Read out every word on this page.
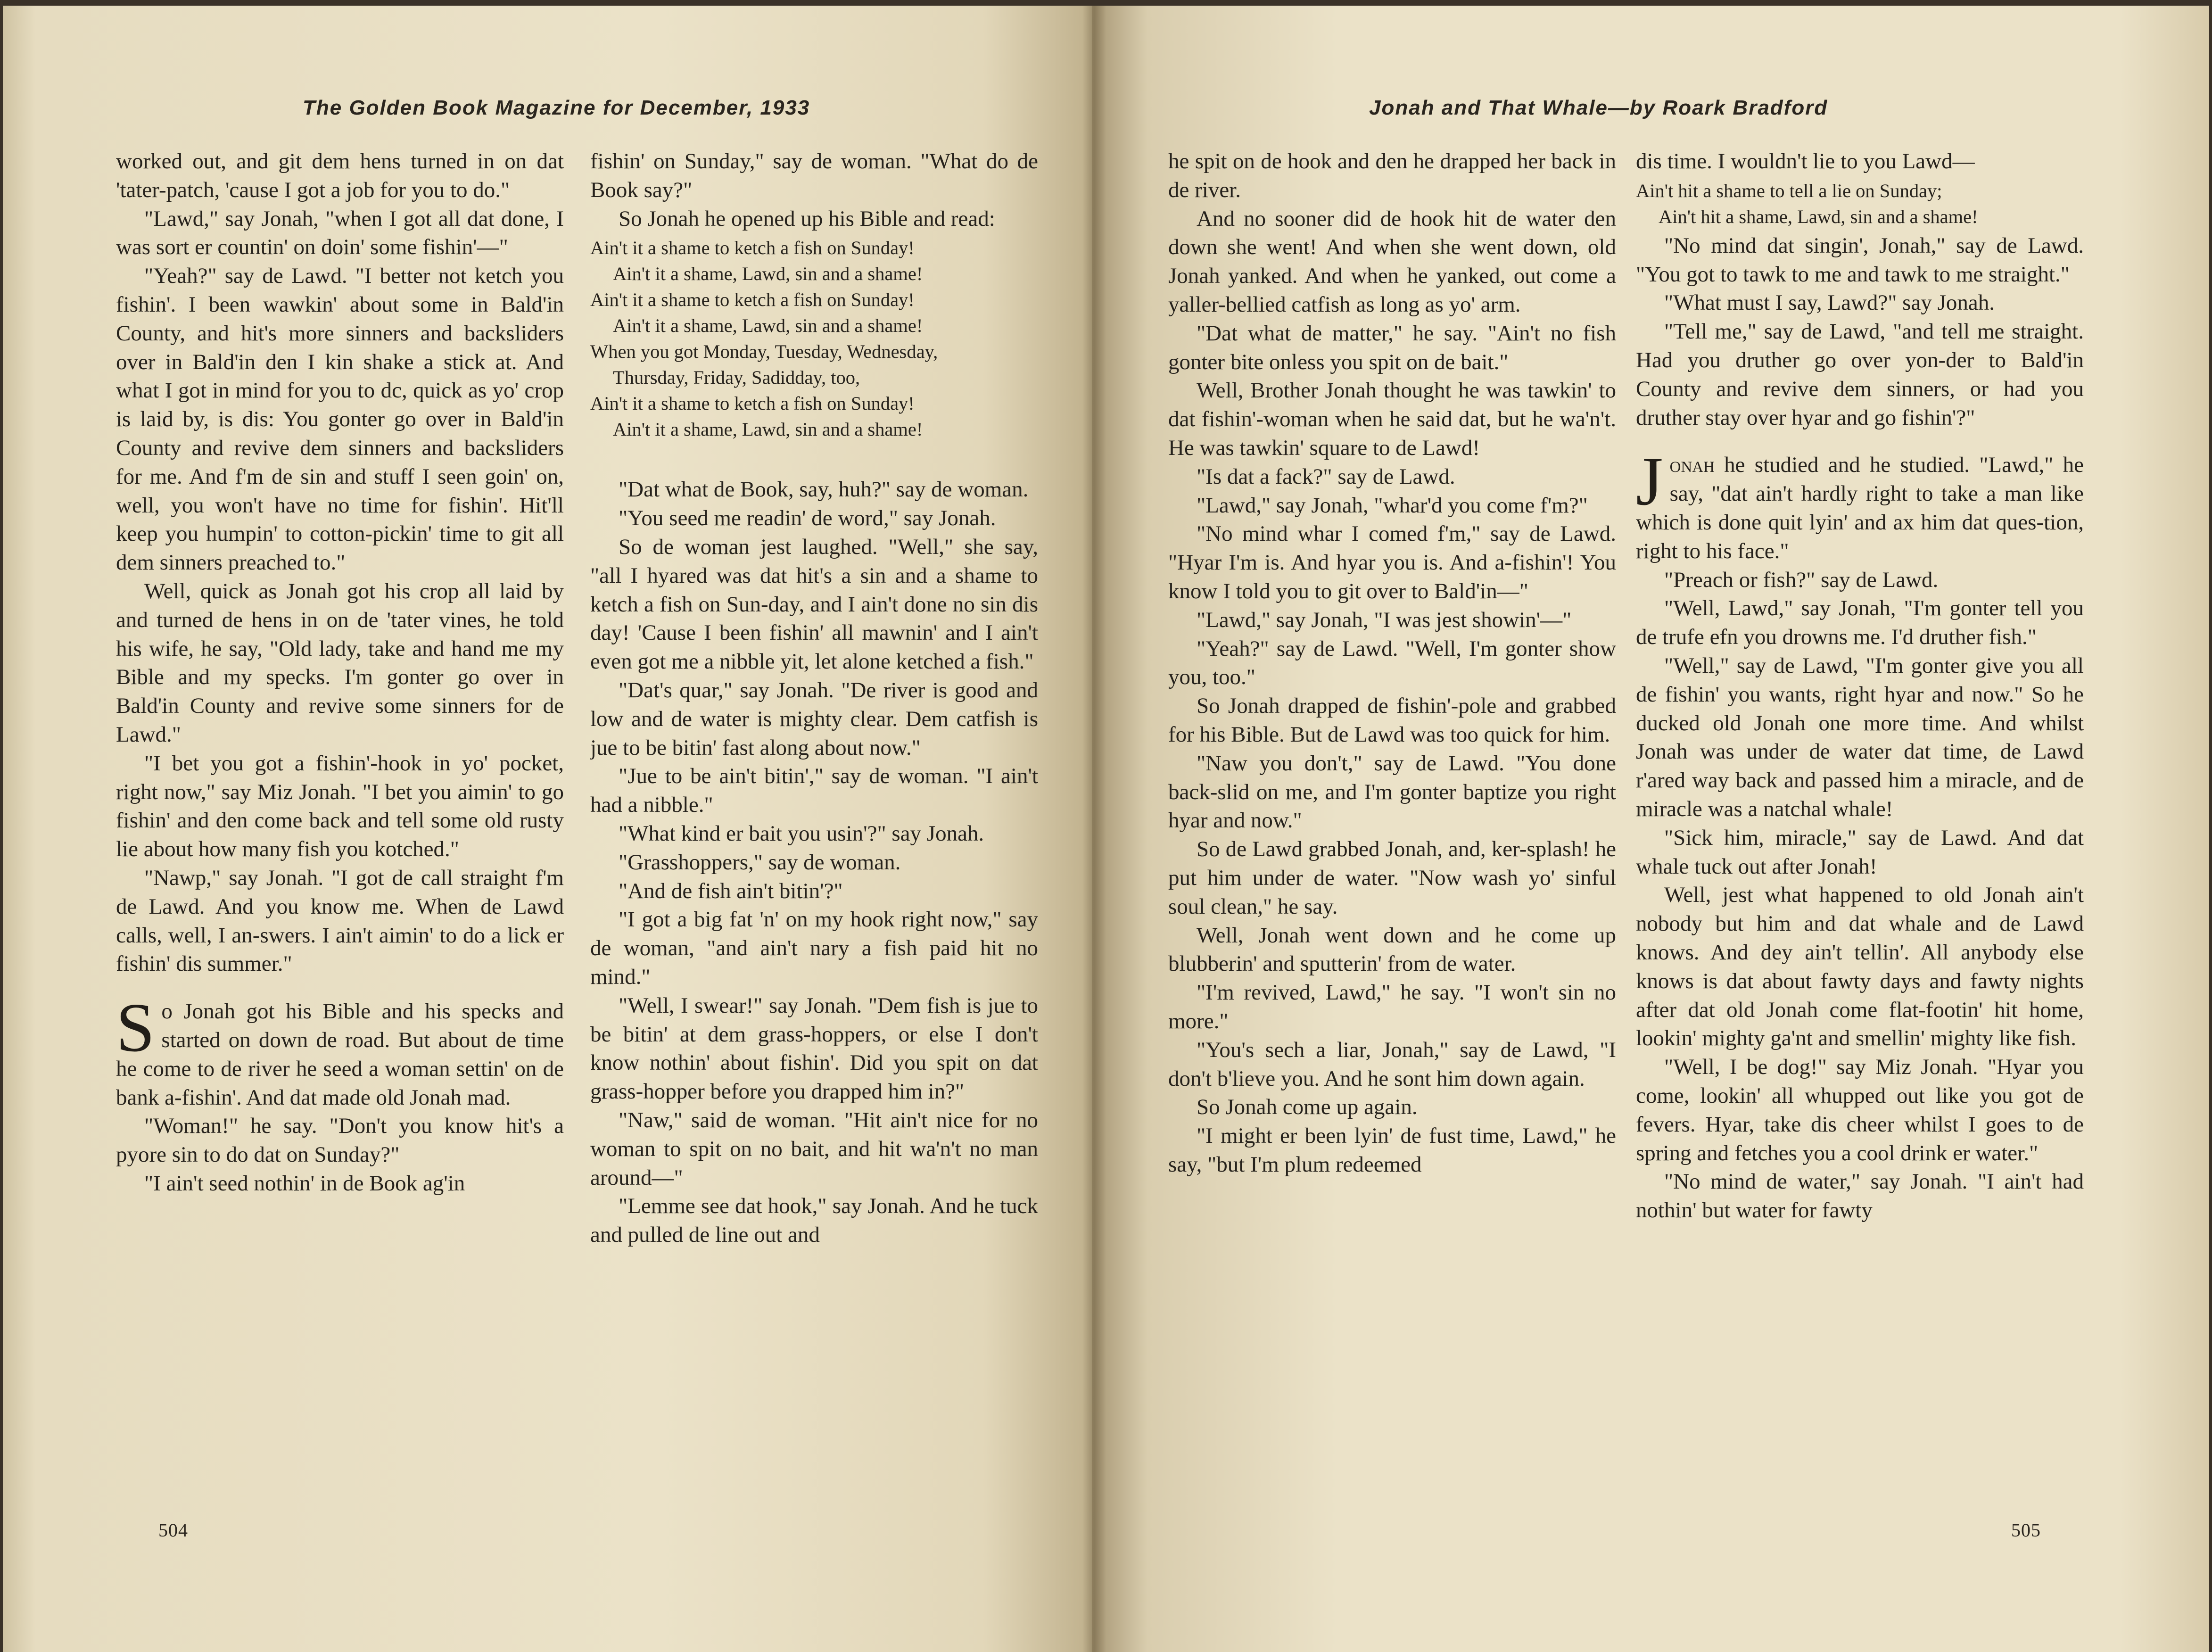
The Golden Book Magazine for December, 1933

worked out, and git dem hens turned in on dat 'tater-patch, 'cause I got a job for you to do."

"Lawd," say Jonah, "when I got all dat done, I was sort er countin' on doin' some fishin'—"

"Yeah?" say de Lawd. "I better not ketch you fishin'. I been wawkin' about some in Bald'in County, and hit's more sinners and backsliders over in Bald'in den I kin shake a stick at. And what I got in mind for you to dc, quick as yo' crop is laid by, is dis: You gonter go over in Bald'in County and revive dem sinners and backsliders for me. And f'm de sin and stuff I seen goin' on, well, you won't have no time for fishin'. Hit'll keep you humpin' to cotton-pickin' time to git all dem sinners preached to."

Well, quick as Jonah got his crop all laid by and turned de hens in on de 'tater vines, he told his wife, he say, "Old lady, take and hand me my Bible and my specks. I'm gonter go over in Bald'in County and revive some sinners for de Lawd."

"I bet you got a fishin'-hook in yo' pocket, right now," say Miz Jonah. "I bet you aimin' to go fishin' and den come back and tell some old rusty lie about how many fish you kotched."

"Nawp," say Jonah. "I got de call straight f'm de Lawd. And you know me. When de Lawd calls, well, I an-swers. I ain't aimin' to do a lick er fishin' dis summer."

So Jonah got his Bible and his specks and started on down de road. But about de time he come to de river he seed a woman settin' on de bank a-fishin'. And dat made old Jonah mad.

"Woman!" he say. "Don't you know hit's a pyore sin to do dat on Sunday?"

"I ain't seed nothin' in de Book ag'in

fishin' on Sunday," say de woman. "What do de Book say?"

So Jonah he opened up his Bible and read:

Ain't it a shame to ketch a fish on Sunday!
Ain't it a shame, Lawd, sin and a shame!
Ain't it a shame to ketch a fish on Sunday!
Ain't it a shame, Lawd, sin and a shame!
When you got Monday, Tuesday, Wednesday,
Thursday, Friday, Sadidday, too,
Ain't it a shame to ketch a fish on Sunday!
Ain't it a shame, Lawd, sin and a shame!

"Dat what de Book, say, huh?" say de woman.

"You seed me readin' de word," say Jonah.

So de woman jest laughed. "Well," she say, "all I hyared was dat hit's a sin and a shame to ketch a fish on Sun-day, and I ain't done no sin dis day! 'Cause I been fishin' all mawnin' and I ain't even got me a nibble yit, let alone ketched a fish."

"Dat's quar," say Jonah. "De river is good and low and de water is mighty clear. Dem catfish is jue to be bitin' fast along about now."

"Jue to be ain't bitin'," say de woman. "I ain't had a nibble."

"What kind er bait you usin'?" say Jonah.

"Grasshoppers," say de woman.

"And de fish ain't bitin'?"

"I got a big fat 'n' on my hook right now," say de woman, "and ain't nary a fish paid hit no mind."

"Well, I swear!" say Jonah. "Dem fish is jue to be bitin' at dem grass-hoppers, or else I don't know nothin' about fishin'. Did you spit on dat grass-hopper before you drapped him in?"

"Naw," said de woman. "Hit ain't nice for no woman to spit on no bait, and hit wa'n't no man around—"

"Lemme see dat hook," say Jonah. And he tuck and pulled de line out and

504

Jonah and That Whale—by Roark Bradford

he spit on de hook and den he drapped her back in de river.

And no sooner did de hook hit de water den down she went! And when she went down, old Jonah yanked. And when he yanked, out come a yaller-bellied catfish as long as yo' arm.

"Dat what de matter," he say. "Ain't no fish gonter bite onless you spit on de bait."

Well, Brother Jonah thought he was tawkin' to dat fishin'-woman when he said dat, but he wa'n't. He was tawkin' square to de Lawd!

"Is dat a fack?" say de Lawd.

"Lawd," say Jonah, "whar'd you come f'm?"

"No mind whar I comed f'm," say de Lawd. "Hyar I'm is. And hyar you is. And a-fishin'! You know I told you to git over to Bald'in—"

"Lawd," say Jonah, "I was jest showin'—"

"Yeah?" say de Lawd. "Well, I'm gonter show you, too."

So Jonah drapped de fishin'-pole and grabbed for his Bible. But de Lawd was too quick for him.

"Naw you don't," say de Lawd. "You done back-slid on me, and I'm gonter baptize you right hyar and now."

So de Lawd grabbed Jonah, and, ker-splash! he put him under de water. "Now wash yo' sinful soul clean," he say.

Well, Jonah went down and he come up blubberin' and sputterin' from de water.

"I'm revived, Lawd," he say. "I won't sin no more."

"You's sech a liar, Jonah," say de Lawd, "I don't b'lieve you. And he sont him down again.

So Jonah come up again.

"I might er been lyin' de fust time, Lawd," he say, "but I'm plum redeemed

dis time. I wouldn't lie to you Lawd—

Ain't hit a shame to tell a lie on Sunday;
Ain't hit a shame, Lawd, sin and a shame!

"No mind dat singin', Jonah," say de Lawd. "You got to tawk to me and tawk to me straight."

"What must I say, Lawd?" say Jonah.

"Tell me," say de Lawd, "and tell me straight. Had you druther go over yon-der to Bald'in County and revive dem sinners, or had you druther stay over hyar and go fishin'?"

Jonah he studied and he studied. "Lawd," he say, "dat ain't hardly right to take a man like which is done quit lyin' and ax him dat ques-tion, right to his face."

"Preach or fish?" say de Lawd.

"Well, Lawd," say Jonah, "I'm gonter tell you de trufe efn you drowns me. I'd druther fish."

"Well," say de Lawd, "I'm gonter give you all de fishin' you wants, right hyar and now." So he ducked old Jonah one more time. And whilst Jonah was under de water dat time, de Lawd r'ared way back and passed him a miracle, and de miracle was a natchal whale!

"Sick him, miracle," say de Lawd. And dat whale tuck out after Jonah!

Well, jest what happened to old Jonah ain't nobody but him and dat whale and de Lawd knows. And dey ain't tellin'. All anybody else knows is dat about fawty days and fawty nights after dat old Jonah come flat-footin' hit home, lookin' mighty ga'nt and smellin' mighty like fish.

"Well, I be dog!" say Miz Jonah. "Hyar you come, lookin' all whupped out like you got de fevers. Hyar, take dis cheer whilst I goes to de spring and fetches you a cool drink er water."

"No mind de water," say Jonah. "I ain't had nothin' but water for fawty

505
